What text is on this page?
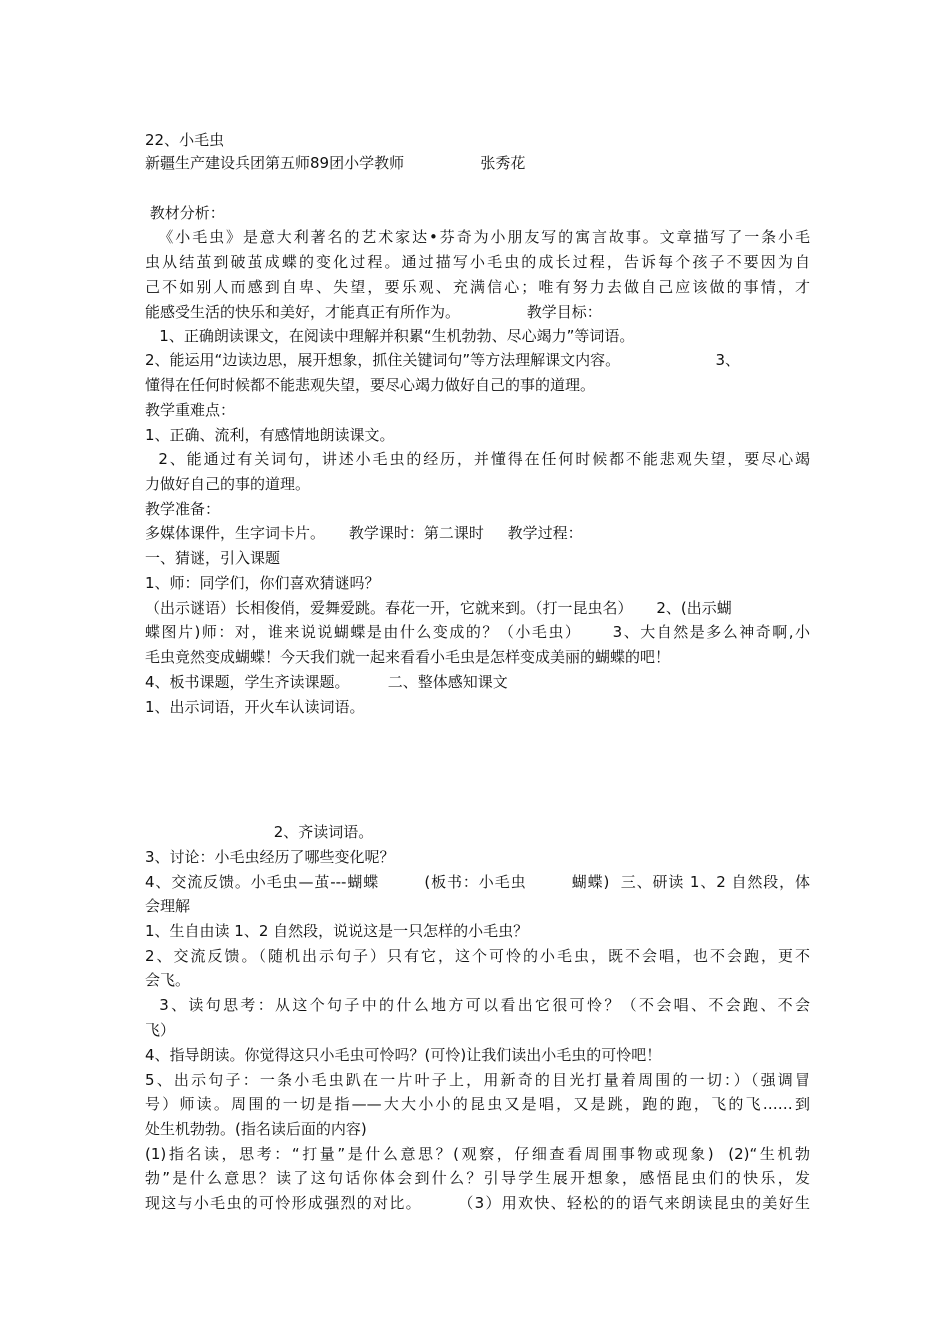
22、小毛虫
新疆生产建设兵团第五师89团小学教师                张秀花
教材分析：
《小毛虫》是意大利著名的艺术家达•芬奇为小朋友写的寓言故事。文章描写了一条小毛
虫从结茧到破茧成蝶的变化过程。通过描写小毛虫的成长过程，告诉每个孩子不要因为自
己不如别人而感到自卑、失望，要乐观、充满信心；唯有努力去做自己应该做的事情，才
能感受生活的快乐和美好，才能真正有所作为。              教学目标：
1、正确朗读课文，在阅读中理解并积累“生机勃勃、尽心竭力”等词语。
2、能运用“边读边思，展开想象，抓住关键词句”等方法理解课文内容。                    3、
懂得在任何时候都不能悲观失望，要尽心竭力做好自己的事的道理。
教学重难点：
1、正确、流利，有感情地朗读课文。
2、能通过有关词句，讲述小毛虫的经历，并懂得在任何时候都不能悲观失望，要尽心竭
力做好自己的事的道理。
教学准备：
多媒体课件，生字词卡片。     教学课时：第二课时     教学过程：
一、猜谜，引入课题
1、师：同学们，你们喜欢猜谜吗？
（出示谜语）长相俊俏，爱舞爱跳。春花一开，它就来到。（打一昆虫名）     2、(出示蝴
蝶图片)师：对，谁来说说蝴蝶是由什么变成的？（小毛虫）     3、大自然是多么神奇啊,小
毛虫竟然变成蝴蝶！今天我们就一起来看看小毛虫是怎样变成美丽的蝴蝶的吧！
4、板书课题，学生齐读课题。        二、整体感知课文
1、出示词语，开火车认读词语。
2、齐读词语。
3、讨论：小毛虫经历了哪些变化呢？
4、交流反馈。小毛虫—茧---蝴蝶        (板书：小毛虫        蝴蝶)  三、研读 1、2 自然段，体
会理解
1、生自由读 1、2 自然段，说说这是一只怎样的小毛虫？
2、交流反馈。（随机出示句子）只有它，这个可怜的小毛虫，既不会唱，也不会跑，更不
会飞。
3、读句思考：从这个句子中的什么地方可以看出它很可怜？（不会唱、不会跑、不会
飞）
4、指导朗读。你觉得这只小毛虫可怜吗？(可怜)让我们读出小毛虫的可怜吧！
5、出示句子：一条小毛虫趴在一片叶子上，用新奇的目光打量着周围的一切：）（强调冒
号）师读。周围的一切是指——大大小小的昆虫又是唱，又是跳，跑的跑，飞的飞……到
处生机勃勃。(指名读后面的内容)
(1)指名读，思考：“打量”是什么意思？(观察，仔细查看周围事物或现象)  (2)“生机勃
勃”是什么意思？读了这句话你体会到什么？引导学生展开想象，感悟昆虫们的快乐，发
现这与小毛虫的可怜形成强烈的对比。      （3）用欢快、轻松的的语气来朗读昆虫的美好生
